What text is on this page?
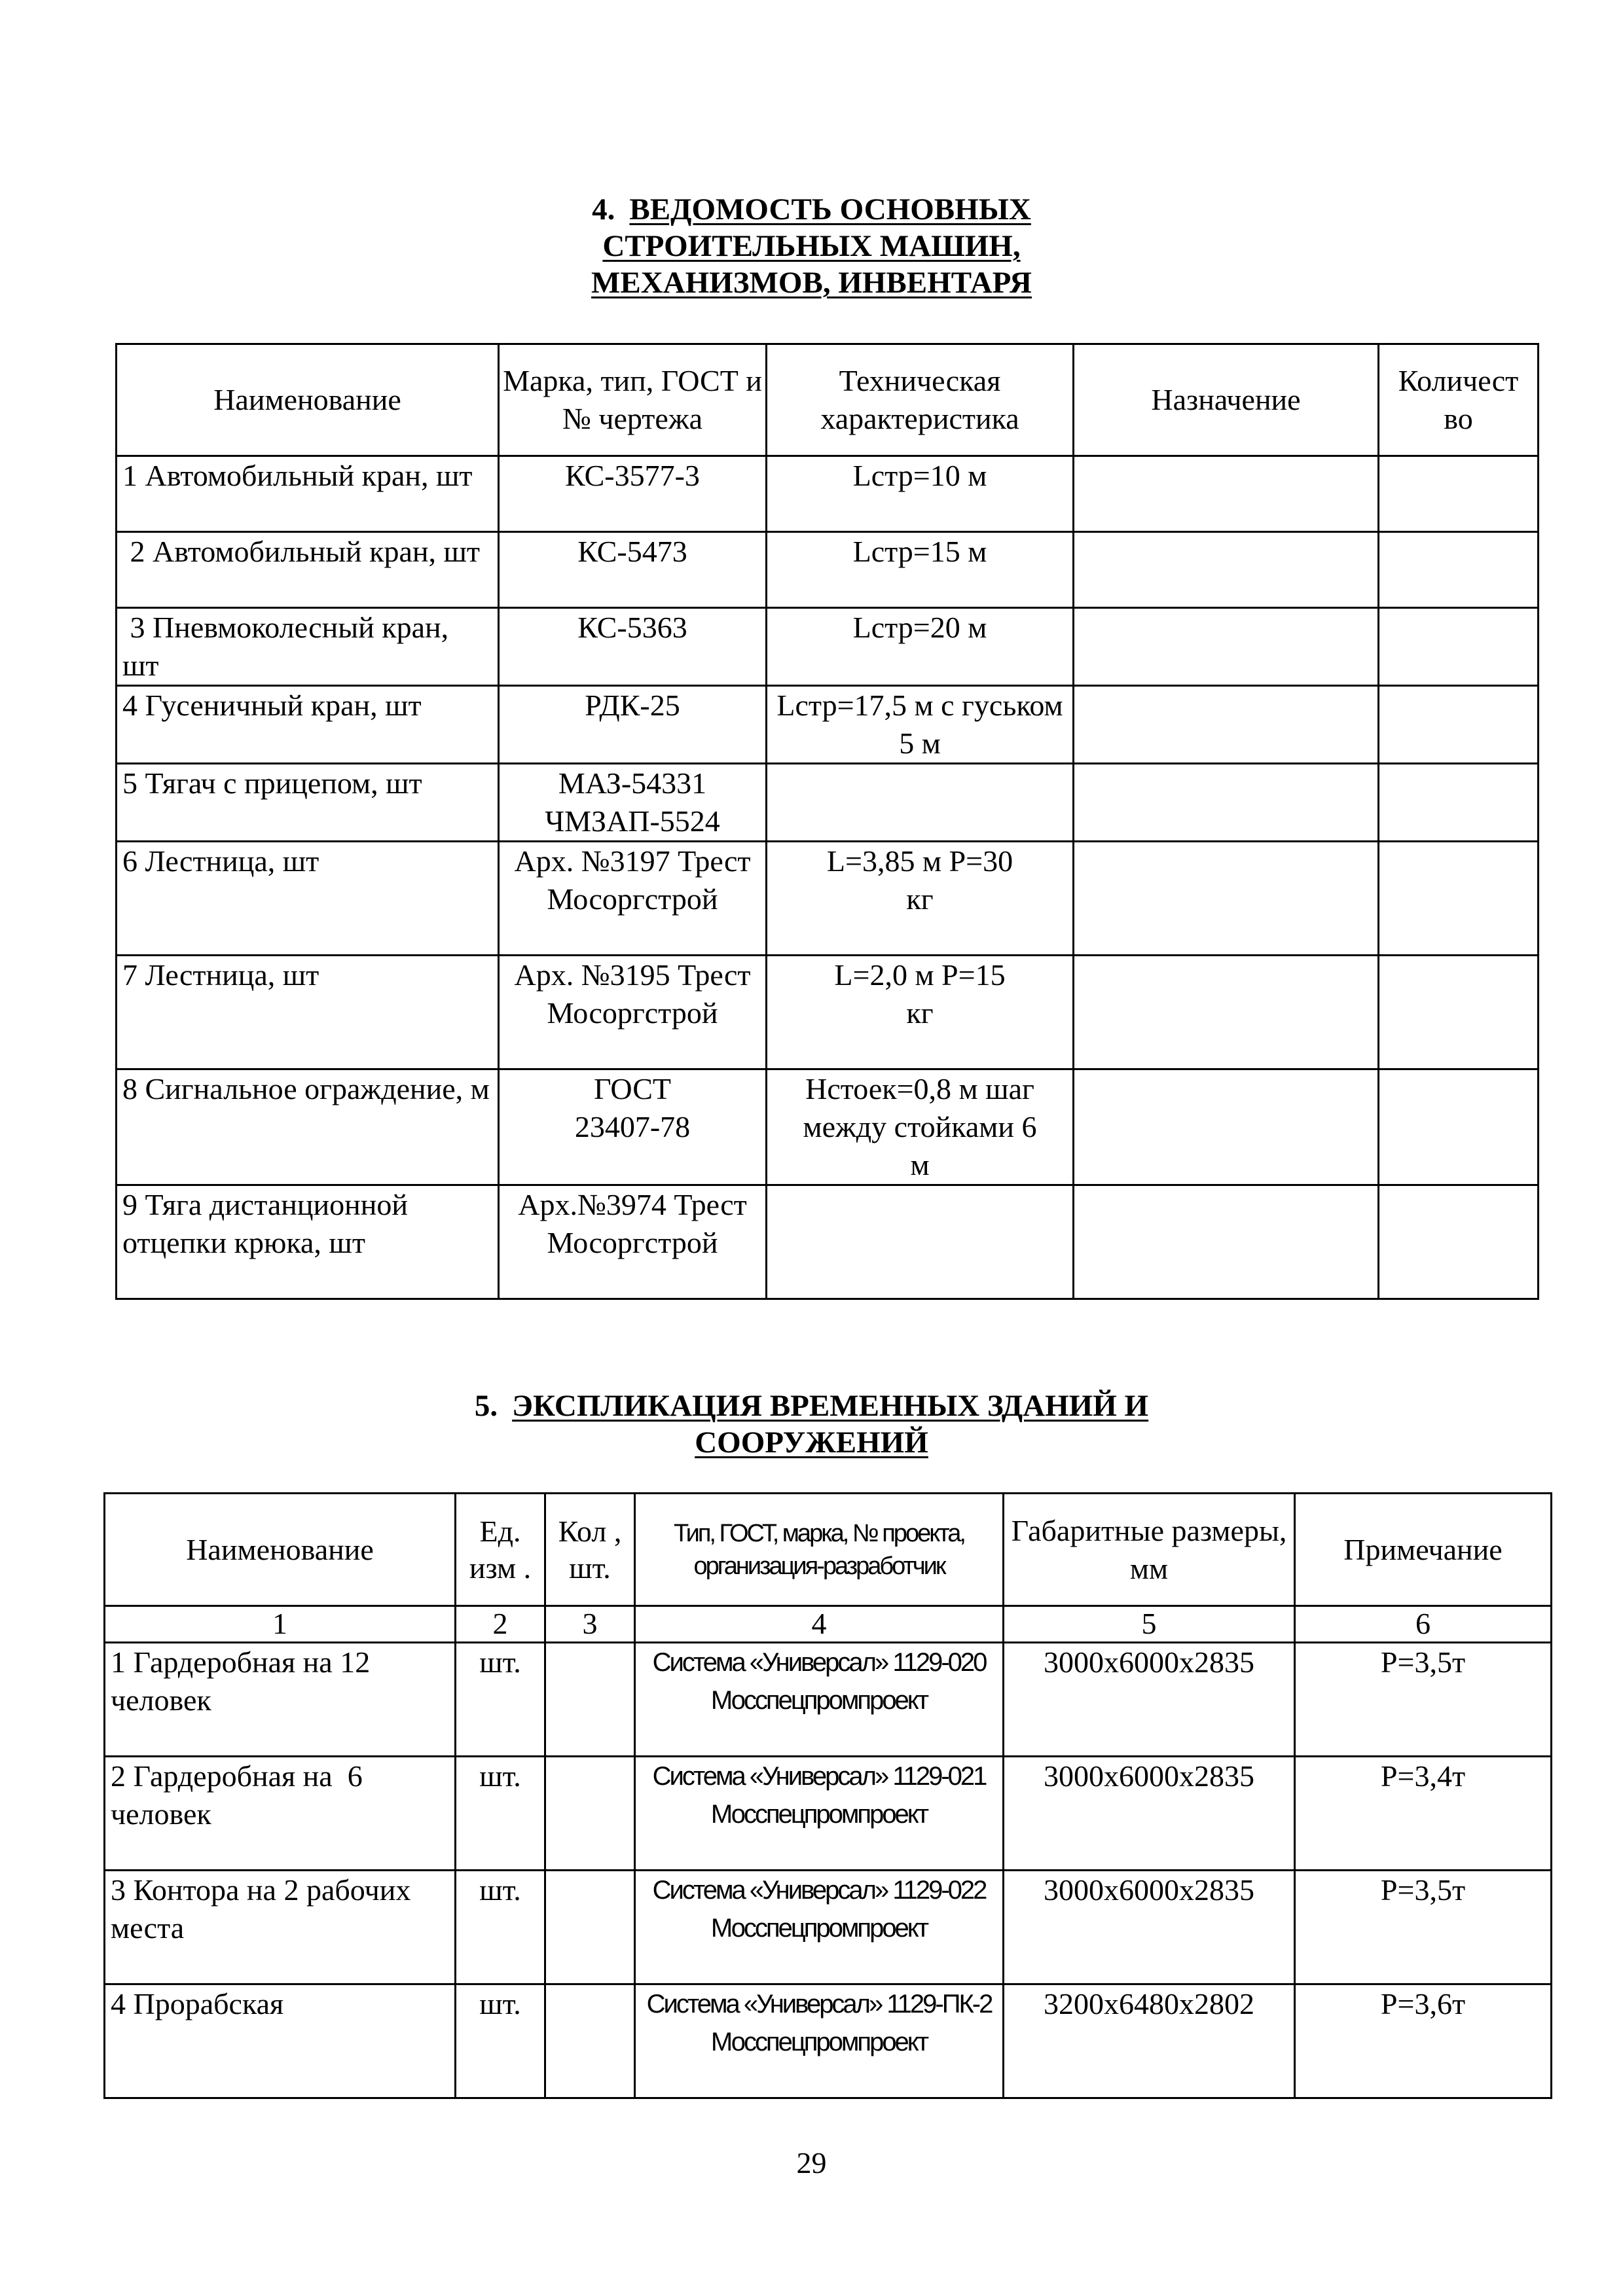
4. ВЕДОМОСТЬ ОСНОВНЫХ
СТРОИТЕЛЬНЫХ МАШИН,
МЕХАНИЗМОВ, ИНВЕНТАРЯ
Наименование	Марка, тип, ГОСТ и № чертежа	Техническая характеристика	Назначение	Количест во
1 Автомобильный кран, шт	КС-3577-3	Lстр=10 м		
2 Автомобильный кран, шт	КС-5473	Lстр=15 м		
3 Пневмоколесный кран, шт	КС-5363	Lстр=20 м		
4 Гусеничный кран, шт	РДК-25	Lстр=17,5 м с гуськом 5 м		
5 Тягач с прицепом, шт	МАЗ-54331 ЧМЗАП-5524			
6 Лестница, шт	Арх. №3197 Трест Мосоргстрой	L=3,85 м Р=30 кг		
7 Лестница, шт	Арх. №3195 Трест Мосоргстрой	L=2,0 м Р=15 кг		
8 Сигнальное ограждение, м	ГОСТ 23407-78	Нстоек=0,8 м шаг между стойками 6 м		
9 Тяга дистанционной отцепки крюка, шт	Арх.№3974 Трест Мосоргстрой			
5. ЭКСПЛИКАЦИЯ ВРЕМЕННЫХ ЗДАНИЙ И
СООРУЖЕНИЙ
Наименование	Ед. изм .	Кол , шт.	Тип, ГОСТ, марка, № проекта, организация-разработчик	Габаритные размеры, мм	Примечание
1	2	3	4	5	6
1 Гардеробная на 12 человек	шт.		Система «Универсал» 1129-020 Мосспецпромпроект	3000х6000х2835	Р=3,5т
2 Гардеробная на  6 человек	шт.		Система «Универсал» 1129-021 Мосспецпромпроект	3000х6000х2835	Р=3,4т
3 Контора на 2 рабочих места	шт.		Система «Универсал» 1129-022 Мосспецпромпроект	3000х6000х2835	Р=3,5т
4 Прорабская	шт.		Система «Универсал» 1129-ПК-2 Мосспецпромпроект	3200х6480х2802	Р=3,6т
29
